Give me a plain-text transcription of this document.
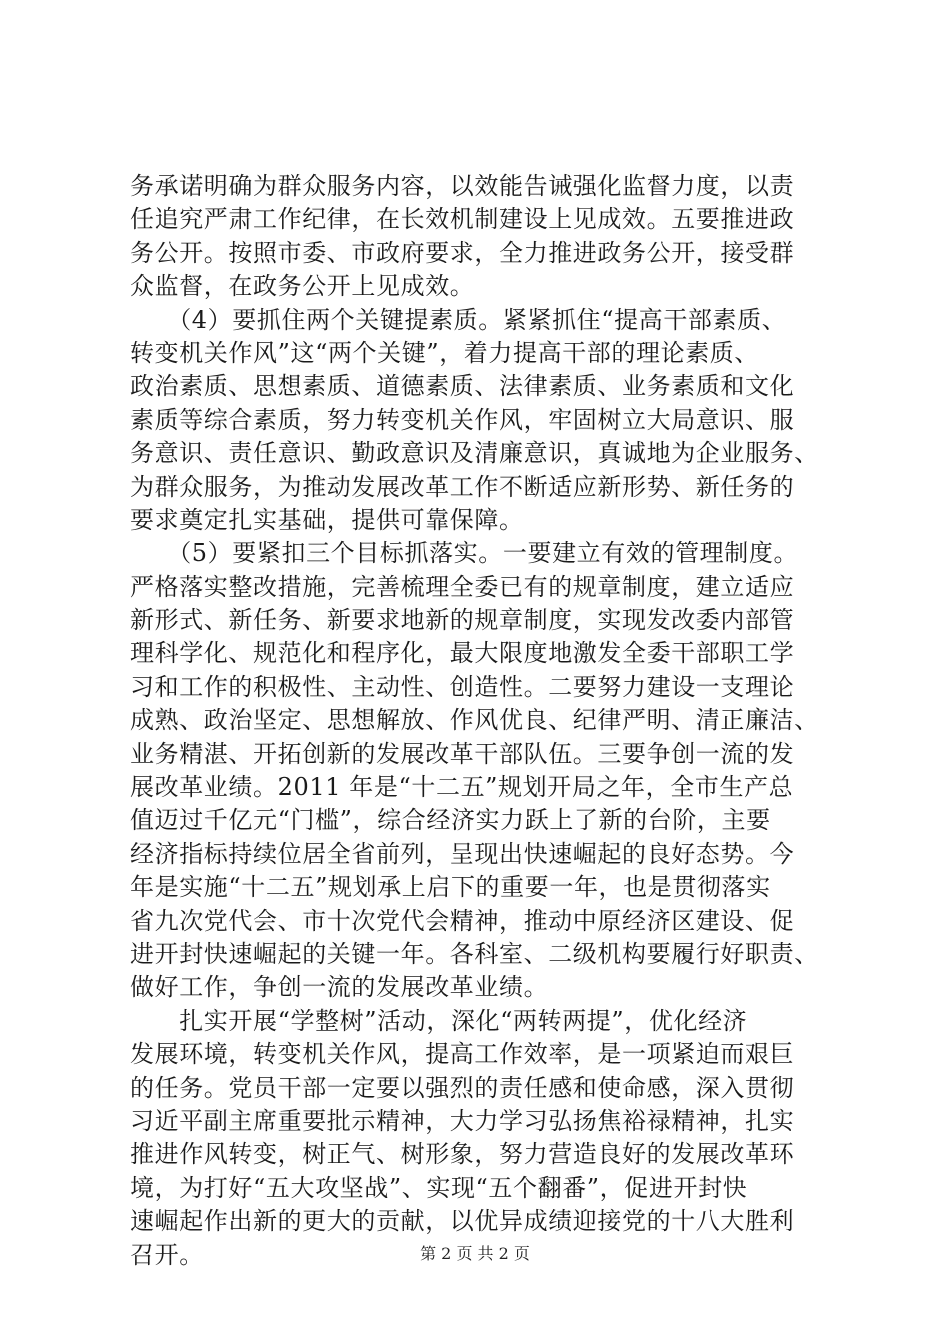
务承诺明确为群众服务内容，以效能告诫强化监督力度，以责
任追究严肃工作纪律，在长效机制建设上见成效。五要推进政
务公开。按照市委、市政府要求，全力推进政务公开，接受群
众监督，在政务公开上见成效。
　　（4）要抓住两个关键提素质。紧紧抓住“提高干部素质、
转变机关作风”这“两个关键”，着力提高干部的理论素质、
政治素质、思想素质、道德素质、法律素质、业务素质和文化
素质等综合素质，努力转变机关作风，牢固树立大局意识、服
务意识、责任意识、勤政意识及清廉意识，真诚地为企业服务、
为群众服务，为推动发展改革工作不断适应新形势、新任务的
要求奠定扎实基础，提供可靠保障。
　　（5）要紧扣三个目标抓落实。一要建立有效的管理制度。
严格落实整改措施，完善梳理全委已有的规章制度，建立适应
新形式、新任务、新要求地新的规章制度，实现发改委内部管
理科学化、规范化和程序化，最大限度地激发全委干部职工学
习和工作的积极性、主动性、创造性。二要努力建设一支理论
成熟、政治坚定、思想解放、作风优良、纪律严明、清正廉洁、
业务精湛、开拓创新的发展改革干部队伍。三要争创一流的发
展改革业绩。2011 年是“十二五”规划开局之年，全市生产总
值迈过千亿元“门槛”，综合经济实力跃上了新的台阶，主要
经济指标持续位居全省前列，呈现出快速崛起的良好态势。今
年是实施“十二五”规划承上启下的重要一年，也是贯彻落实
省九次党代会、市十次党代会精神，推动中原经济区建设、促
进开封快速崛起的关键一年。各科室、二级机构要履行好职责、
做好工作，争创一流的发展改革业绩。
　　扎实开展“学整树”活动，深化“两转两提”，优化经济
发展环境，转变机关作风，提高工作效率，是一项紧迫而艰巨
的任务。党员干部一定要以强烈的责任感和使命感，深入贯彻
习近平副主席重要批示精神，大力学习弘扬焦裕禄精神，扎实
推进作风转变，树正气、树形象，努力营造良好的发展改革环
境，为打好“五大攻坚战”、实现“五个翻番”，促进开封快
速崛起作出新的更大的贡献，以优异成绩迎接党的十八大胜利
召开。	第 2 页 共 2 页
